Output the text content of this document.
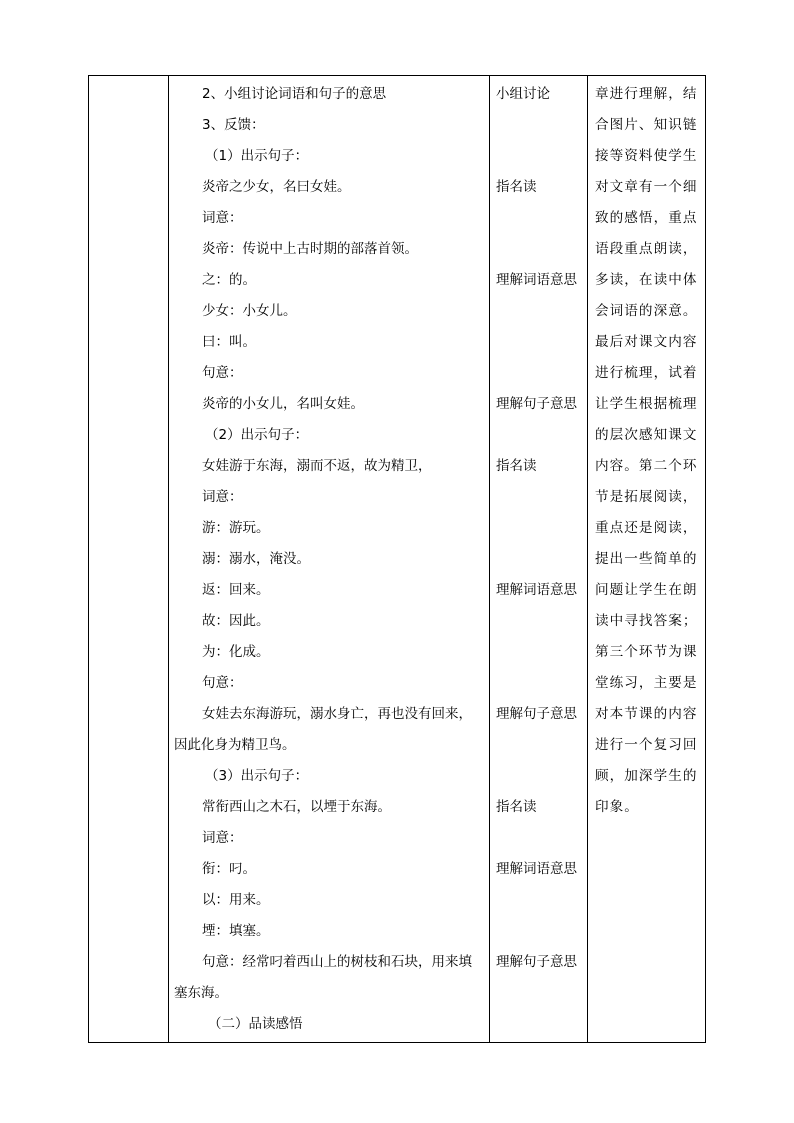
2、小组讨论词语和句子的意思
3、反馈：
（1）出示句子：
炎帝之少女，名曰女娃。
词意：
炎帝：传说中上古时期的部落首领。
之：的。
少女：小女儿。
曰：叫。
句意：
炎帝的小女儿，名叫女娃。
（2）出示句子：
女娃游于东海，溺而不返，故为精卫，
词意：
游：游玩。
溺：溺水，淹没。
返：回来。
故：因此。
为：化成。
句意：
女娃去东海游玩，溺水身亡，再也没有回来，
因此化身为精卫鸟。
（3）出示句子：
常衔西山之木石，以堙于东海。
词意：
衔：叼。
以：用来。
堙：填塞。
句意：经常叼着西山上的树枝和石块，用来填
塞东海。
（二）品读感悟
小组讨论
指名读
理解词语意思
理解句子意思
指名读
理解词语意思
理解句子意思
指名读
理解词语意思
理解句子意思
章进行理解，结
合图片、知识链
接等资料使学生
对文章有一个细
致的感悟，重点
语段重点朗读，
多读，在读中体
会词语的深意。
最后对课文内容
进行梳理，试着
让学生根据梳理
的层次感知课文
内容。第二个环
节是拓展阅读，
重点还是阅读，
提出一些简单的
问题让学生在朗
读中寻找答案；
第三个环节为课
堂练习，主要是
对本节课的内容
进行一个复习回
顾，加深学生的
印象。
